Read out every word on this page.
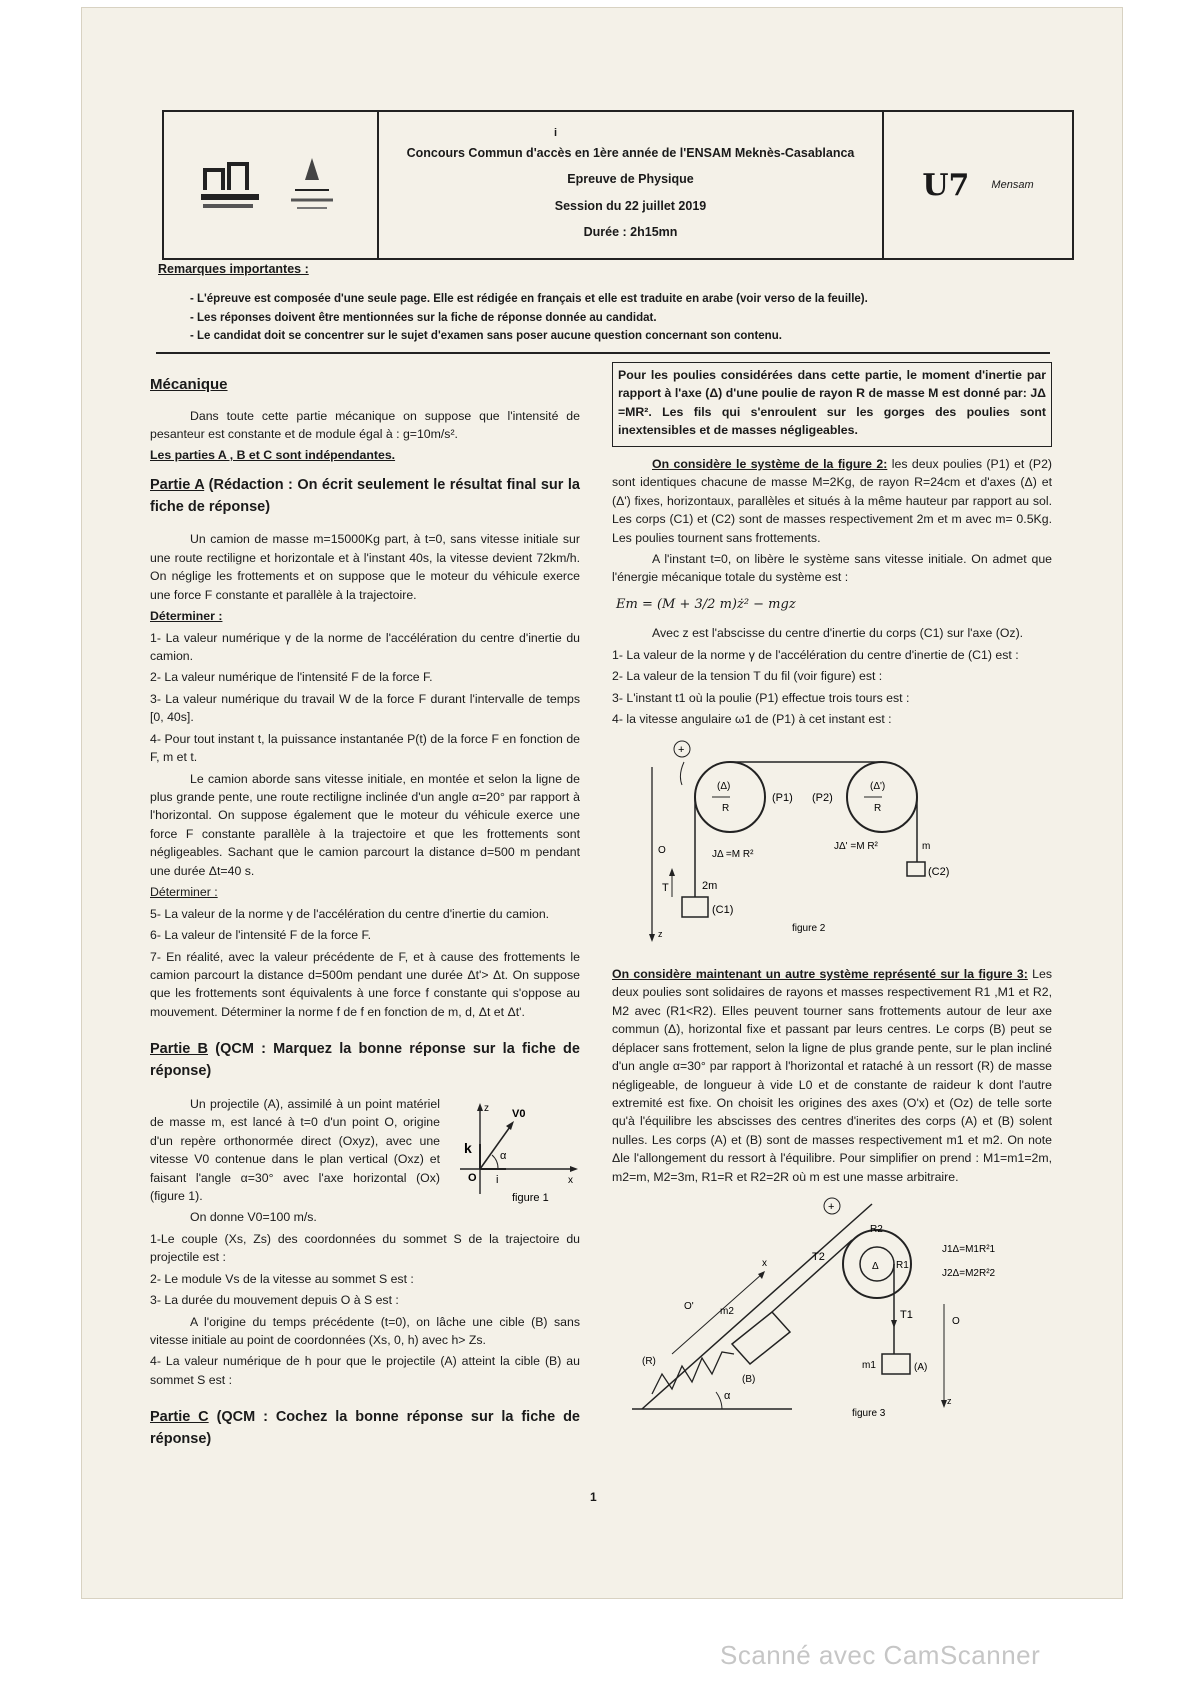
i
Concours Commun d'accès en 1ère année de l'ENSAM Meknès-Casablanca
Epreuve de Physique
Session du 22 juillet 2019
Durée : 2h15mn
U7 Mensam
Remarques importantes :

- L'épreuve est composée d'une seule page. Elle est rédigée en français et elle est traduite en arabe (voir verso de la feuille).

- Les réponses doivent être mentionnées sur la fiche de réponse donnée au candidat.

- Le candidat doit se concentrer sur le sujet d'examen sans poser aucune question concernant son contenu.

Mécanique

Dans toute cette partie mécanique on suppose que l'intensité de pesanteur est constante et de module égal à : g=10m/s².

Les parties A , B et C sont indépendantes.

Partie A (Rédaction : On écrit seulement le résultat final sur la fiche de réponse)

Un camion de masse m=15000Kg part, à t=0, sans vitesse initiale sur une route rectiligne et horizontale et à l'instant 40s, la vitesse devient 72km/h. On néglige les frottements et on suppose que le moteur du véhicule exerce une force F constante et parallèle à la trajectoire.

Déterminer :

1- La valeur numérique γ de la norme de l'accélération du centre d'inertie du camion.

2- La valeur numérique de l'intensité F de la force F.

3- La valeur numérique du travail W de la force F durant l'intervalle de temps [0, 40s].

4- Pour tout instant t, la puissance instantanée P(t) de la force F en fonction de F, m et t.

Le camion aborde sans vitesse initiale, en montée et selon la ligne de plus grande pente, une route rectiligne inclinée d'un angle α=20° par rapport à l'horizontal. On suppose également que le moteur du véhicule exerce une force F constante parallèle à la trajectoire et que les frottements sont négligeables. Sachant que le camion parcourt la distance d=500 m pendant une durée Δt=40 s.

Déterminer :

5- La valeur de la norme γ de l'accélération du centre d'inertie du camion.

6- La valeur de l'intensité F de la force F.

7- En réalité, avec la valeur précédente de F, et à cause des frottements le camion parcourt la distance d=500m pendant une durée Δt'> Δt. On suppose que les frottements sont équivalents à une force f constante qui s'oppose au mouvement. Déterminer la norme f de f en fonction de m, d, Δt et Δt'.

Partie B (QCM : Marquez la bonne réponse sur la fiche de réponse)
z V0
k	α
O i	x
figure 1

Un projectile (A), assimilé à un point matériel de masse m, est lancé à t=0 d'un point O, origine d'un repère orthonormée direct (Oxyz), avec une vitesse V0 contenue dans le plan vertical (Oxz) et faisant l'angle α=30° avec l'axe horizontal (Ox) (figure 1).

On donne V0=100 m/s.

1-Le couple (Xs, Zs) des coordonnées du sommet S de la trajectoire du projectile est :

2- Le module Vs de la vitesse au sommet S est :

3- La durée du mouvement depuis O à S est :

A l'origine du temps précédente (t=0), on lâche une cible (B) sans vitesse initiale au point de coordonnées (Xs, 0, h) avec h> Zs.

4- La valeur numérique de h pour que le projectile (A) atteint la cible (B) au sommet S est :

Partie C (QCM : Cochez la bonne réponse sur la fiche de réponse)

Pour les poulies considérées dans cette partie, le moment d'inertie par rapport à l'axe (Δ) d'une poulie de rayon R de masse M est donné par: JΔ =MR². Les fils qui s'enroulent sur les gorges des poulies sont inextensibles et de masses négligeables.

On considère le système de la figure 2: les deux poulies (P1) et (P2) sont identiques chacune de masse M=2Kg, de rayon R=24cm et d'axes (Δ) et (Δ') fixes, horizontaux, parallèles et situés à la même hauteur par rapport au sol. Les corps (C1) et (C2) sont de masses respectivement 2m et m avec m= 0.5Kg. Les poulies tournent sans frottements.

A l'instant t=0, on libère le système sans vitesse initiale. On admet que l'énergie mécanique totale du système est :

Em = (M + 3/2 m)ż² − mgz

Avec z est l'abscisse du centre d'inertie du corps (C1) sur l'axe (Oz).

1- La valeur de la norme γ de l'accélération du centre d'inertie de (C1) est :

2- La valeur de la tension T du fil (voir figure) est :

3- L'instant t1 où la poulie (P1) effectue trois tours est :

4- la vitesse angulaire ω1 de (P1) à cet instant est :

+
(Δ)
R
(Δ')
R
(P1) (P2)
JΔ =M R²
JΔ' =M R²
O
T	2m
(C1)
m
(C2)
z	figure 2

On considère maintenant un autre système représenté sur la figure 3: Les deux poulies sont solidaires de rayons et masses respectivement R1 ,M1 et R2, M2 avec (R1<R2). Elles peuvent tourner sans frottements autour de leur axe commun (Δ), horizontal fixe et passant par leurs centres. Le corps (B) peut se déplacer sans frottement, selon la ligne de plus grande pente, sur le plan incliné d'un angle α=30° par rapport à l'horizontal et rataché à un ressort (R) de masse négligeable, de longueur à vide L0 et de constante de raideur k dont l'autre extremité est fixe. On choisit les origines des axes (O'x) et (Oz) de telle sorte qu'à l'équilibre les abscisses des centres d'inerites des corps (A) et (B) solent nulles. Les corps (A) et (B) sont de masses respectivement m1 et m2. On note Δle l'allongement du ressort à l'équilibre. Pour simplifier on prend : M1=m1=2m, m2=m, M2=3m, R1=R et R2=2R où m est une masse arbitraire.

α
x
+
R2
R1
Δ
T2
J1Δ=M1R²1
J2Δ=M2R²2
O'	m2
(R)
(B)
T1
O
z
m1	(A)
figure 3
1
Scanné avec CamScanner
